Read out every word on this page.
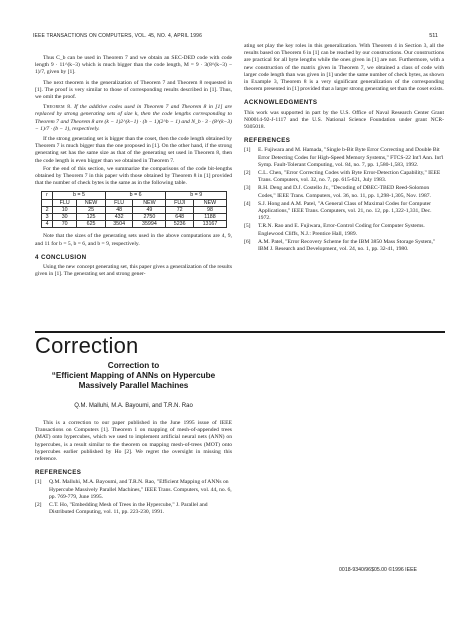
IEEE TRANSACTIONS ON COMPUTERS, VOL. 45, NO. 4, APRIL 1996	511

Thus C_b can be used in Theorem 7 and we obtain an SEC-DED code with code length 9 · 11^(k−3) which is much bigger than the code length, M = 9 · 3(8^(k−3) − 1)/7, given by [1].

The next theorem is the generalization of Theorem 7 and Theorem 8 requested in [1]. The proof is very similar to those of corresponding results described in [1]. Thus, we omit the proof.

Theorem 8. If the additive codes used in Theorem 7 and Theorem 8 in [1] are replaced by strong generating sets of size k, then the code lengths corresponding to Theorem 7 and Theorem 8 are (k − 1)2^(k−1) · (b − 1)(2^b − 1) and N_b · 3 · (8^(k−3) − 1)/7 · (b − 1), respectively.

If the strong generating set is bigger than the coset, then the code length obtained by Theorem 7 is much bigger than the one proposed in [1]. On the other hand, if the strong generating set has the same size as that of the generating set used in Theorem 8, then the code length is even bigger than we obtained in Theorem 7.

For the end of this section, we summarize the comparisons of the code bit-lengths obtained by Theorem 7 in this paper with those obtained by Theorem 8 in [1] provided that the number of check bytes is the same as in the following table.

r	b = 5		b = 6		b = 9	
	FLU	NEW	FLU	NEW	FUJI	NEW
2	10	25	48	49	72	98
3	30	125	432	2750	648	1188
4	70	625	3504	35994	5236	13167

Note that the sizes of the generating sets used in the above computations are 4, 9, and 11 for b = 5, b = 6, and b = 9, respectively.

4 CONCLUSION

Using the new concept generating set, this paper gives a generalization of the results given in [1]. The generating set and strong gener-

ating set play the key roles in this generalization. With Theorem 4 in Section 3, all the results based on Theorem 6 in [1] can be reached by our constructions. Our constructions are practical for all byte lengths while the ones given in [1] are not. Furthermore, with a new construction of the matrix given in Theorem 7, we obtained a class of code with larger code length than was given in [1] under the same number of check bytes, as shown in Example 3, Theorem 8 is a very significant generalization of the corresponding theorem presented in [1] provided that a larger strong generating set than the coset exists.

ACKNOWLEDGMENTS

This work was supported in part by the U.S. Office of Naval Research Center Grant N00014-92-J-1117 and the U.S. National Science Foundation under grant NCR-9305018.

REFERENCES
[1] E. Fujiwara and M. Hamada, "Single b-Bit Byte Error Correcting and Double Bit Error Detecting Codes for High-Speed Memory Systems," FTCS-22 Int'l Ann. Int'l Symp. Fault-Tolerant Computing, vol. 84, no. 7, pp. 1,580-1,583, 1992.
[2] C.L. Chen, "Error Correcting Codes with Byte Error-Detection Capability," IEEE Trans. Computers, vol. 32, no. 7, pp. 615-621, July 1983.
[3] R.H. Deng and D.J. Costello Jr., "Decoding of DBEC-TBED Reed-Solomon Codes," IEEE Trans. Computers, vol. 36, no. 11, pp. 1,298-1,305, Nov. 1987.
[4] S.J. Hong and A.M. Patel, "A General Class of Maximal Codes for Computer Applications," IEEE Trans. Computers, vol. 21, no. 12, pp. 1,322-1,331, Dec. 1972.
[5] T.R.N. Rao and E. Fujiwara, Error-Control Coding for Computer Systems. Englewood Cliffs, N.J.: Prentice Hall, 1989.
[6] A.M. Patel, "Error Recovery Scheme for the IBM 3850 Mass Storage System," IBM J. Research and Development, vol. 24, no. 1, pp. 32-41, 1980.
Correction
Correction to
“Efficient Mapping of ANNs on Hypercube
Massively Parallel Machines
Q.M. Malluhi, M.A. Bayoumi, and T.R.N. Rao

This is a correction to our paper published in the June 1995 issue of IEEE Transactions on Computers [1]. Theorem 1 on mapping of mesh-of-appended trees (MAT) onto hypercubes, which we used to implement artificial neural nets (ANN) on hypercubes, is a result similar to the theorem on mapping mesh-of-trees (MOT) onto hypercubes earlier published by Ho [2]. We regret the oversight in missing this reference.

REFERENCES
[1] Q.M. Malluhi, M.A. Bayoumi, and T.R.N. Rao, "Efficient Mapping of ANNs on Hypercube Massively Parallel Machines," IEEE Trans. Computers, vol. 44, no. 6, pp. 769-779, June 1995.
[2] C.T. Ho, "Embedding Mesh of Trees in the Hypercube," J. Parallel and Distributed Computing, vol. 11, pp. 223-230, 1991.
0018-9340/96$05.00 ©1996 IEEE
